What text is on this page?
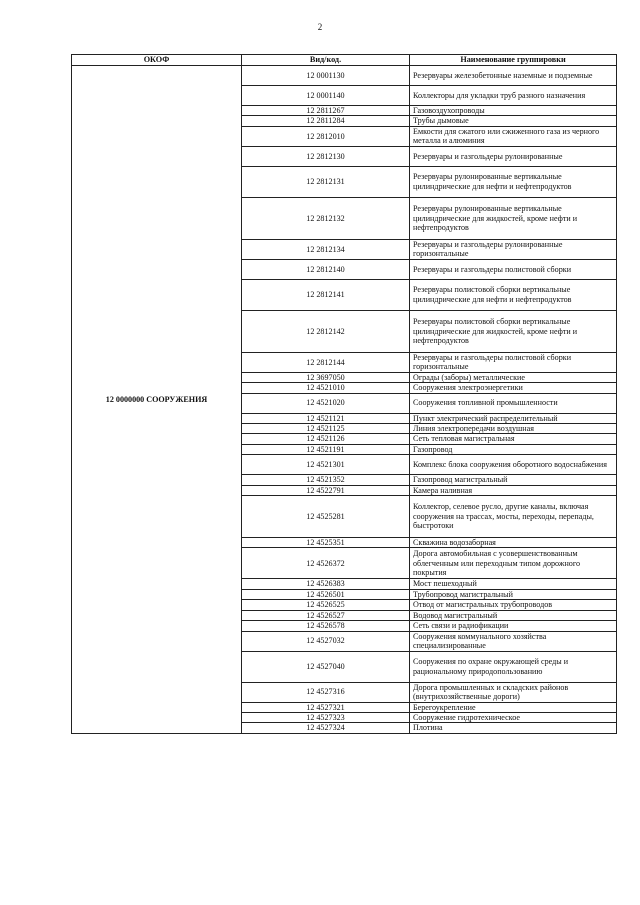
2
ОКОФ	Вид/код.	Наименование группировки
12 0000000 СООРУЖЕНИЯ	12 0001130	Резервуары железобетонные наземные и подземные
	12 0001140	Коллекторы для укладки труб разного назначения
	12 2811267	Газовоздухопроводы
	12 2811284	Трубы дымовые
	12 2812010	Емкости для сжатого или сжиженного газа из черного металла и алюминия
	12 2812130	Резервуары и газгольдеры рулонированные
	12 2812131	Резервуары рулонированные вертикальные цилиндрические для нефти и нефтепродуктов
	12 2812132	Резервуары рулонированные вертикальные цилиндрические для жидкостей, кроме нефти и нефтепродуктов
	12 2812134	Резервуары и газгольдеры рулонированные горизонтальные
	12 2812140	Резервуары и газгольдеры полистовой сборки
	12 2812141	Резервуары полистовой сборки вертикальные цилиндрические для нефти и нефтепродуктов
	12 2812142	Резервуары полистовой сборки вертикальные цилиндрические для жидкостей, кроме нефти и нефтепродуктов
	12 2812144	Резервуары и газгольдеры полистовой сборки горизонтальные
	12 3697050	Ограды (заборы) металлические
	12 4521010	Сооружения электроэнергетики
	12 4521020	Сооружения топливной промышленности
	12 4521121	Пункт электрический распределительный
	12 4521125	Линия электропередачи воздушная
	12 4521126	Сеть тепловая магистральная
	12 4521191	Газопровод
	12 4521301	Комплекс блока сооружения оборотного водоснабжения
	12 4521352	Газопровод магистральный
	12 4522791	Камера наливная
	12 4525281	Коллектор, селевое русло, другие каналы, включая сооружения на трассах, мосты, переходы, перепады, быстротоки
	12 4525351	Скважина водозаборная
	12 4526372	Дорога автомобильная с усовершенствованным облегченным или переходным типом дорожного покрытия
	12 4526383	Мост пешеходный
	12 4526501	Трубопровод магистральный
	12 4526525	Отвод от магистральных трубопроводов
	12 4526527	Водовод магистральный
	12 4526578	Сеть связи и радиофикации
	12 4527032	Сооружения коммунального хозяйства специализированные
	12 4527040	Сооружения по охране окружающей среды и рациональному природопользованию
	12 4527316	Дорога промышленных и складских районов (внутрихозяйственные дороги)
	12 4527321	Берегоукрепление
	12 4527323	Сооружение гидротехническое
	12 4527324	Плотина
